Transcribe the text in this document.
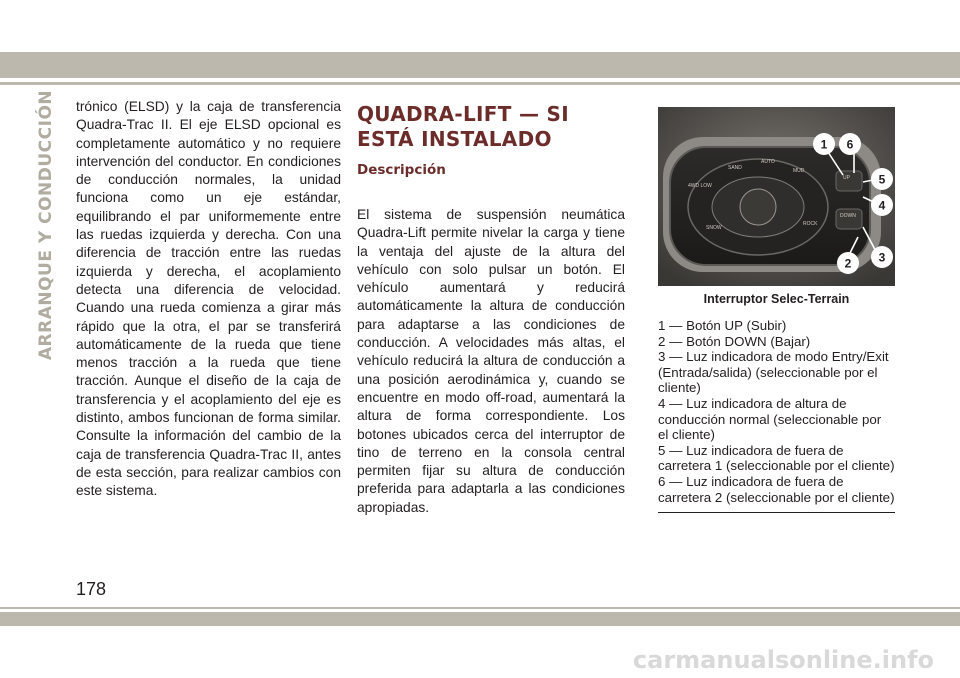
ARRANQUE Y CONDUCCIÓN trónico (ELSD) y la caja de transferencia Quadra-Trac II. El eje ELSD opcional es completamente automático y no requiere intervención del conductor. En condiciones de conducción normales, la unidad funciona como un eje estándar, equilibrando el par uniformemente entre las ruedas izquierda y derecha. Con una diferencia de tracción entre las ruedas izquierda y derecha, el acoplamiento detecta una diferencia de velocidad. Cuando una rueda comienza a girar más rápido que la otra, el par se transferirá automáticamente de la rueda que tiene menos tracción a la rueda que tiene tracción. Aunque el diseño de la caja de transferencia y el acoplamiento del eje es distinto, ambos funcionan de forma similar. Consulte la información del cambio de la caja de transferencia Quadra-Trac II, antes de esta sección, para realizar cambios con este sistema.
QUADRA-LIFT — SI ESTÁ INSTALADO
Descripción
El sistema de suspensión neumática Quadra-Lift permite nivelar la carga y tiene la ventaja del ajuste de la altura del vehículo con solo pulsar un botón. El vehículo aumentará y reducirá automáticamente la altura de conducción para adaptarse a las condiciones de conducción. A velocidades más altas, el vehículo reducirá la altura de conducción a una posición aerodinámica y, cuando se encuentre en modo off-road, aumentará la altura de forma correspondiente. Los botones ubicados cerca del interruptor de tino de terreno en la consola central permiten fijar su altura de conducción preferida para adaptarla a las condiciones apropiadas.
4WD LOW
SAND
AUTO
MUD
SNOW
ROCK
UP
DOWN
1 6
5
4
3
2
Interruptor Selec-Terrain
1 — Botón UP (Subir)
2 — Botón DOWN (Bajar)
3 — Luz indicadora de modo Entry/Exit (Entrada/salida) (seleccionable por el cliente)
4 — Luz indicadora de altura de conducción normal (seleccionable por el cliente)
5 — Luz indicadora de fuera de carretera 1 (seleccionable por el cliente)
6 — Luz indicadora de fuera de carretera 2 (seleccionable por el cliente)
178
carmanualsonline.info
